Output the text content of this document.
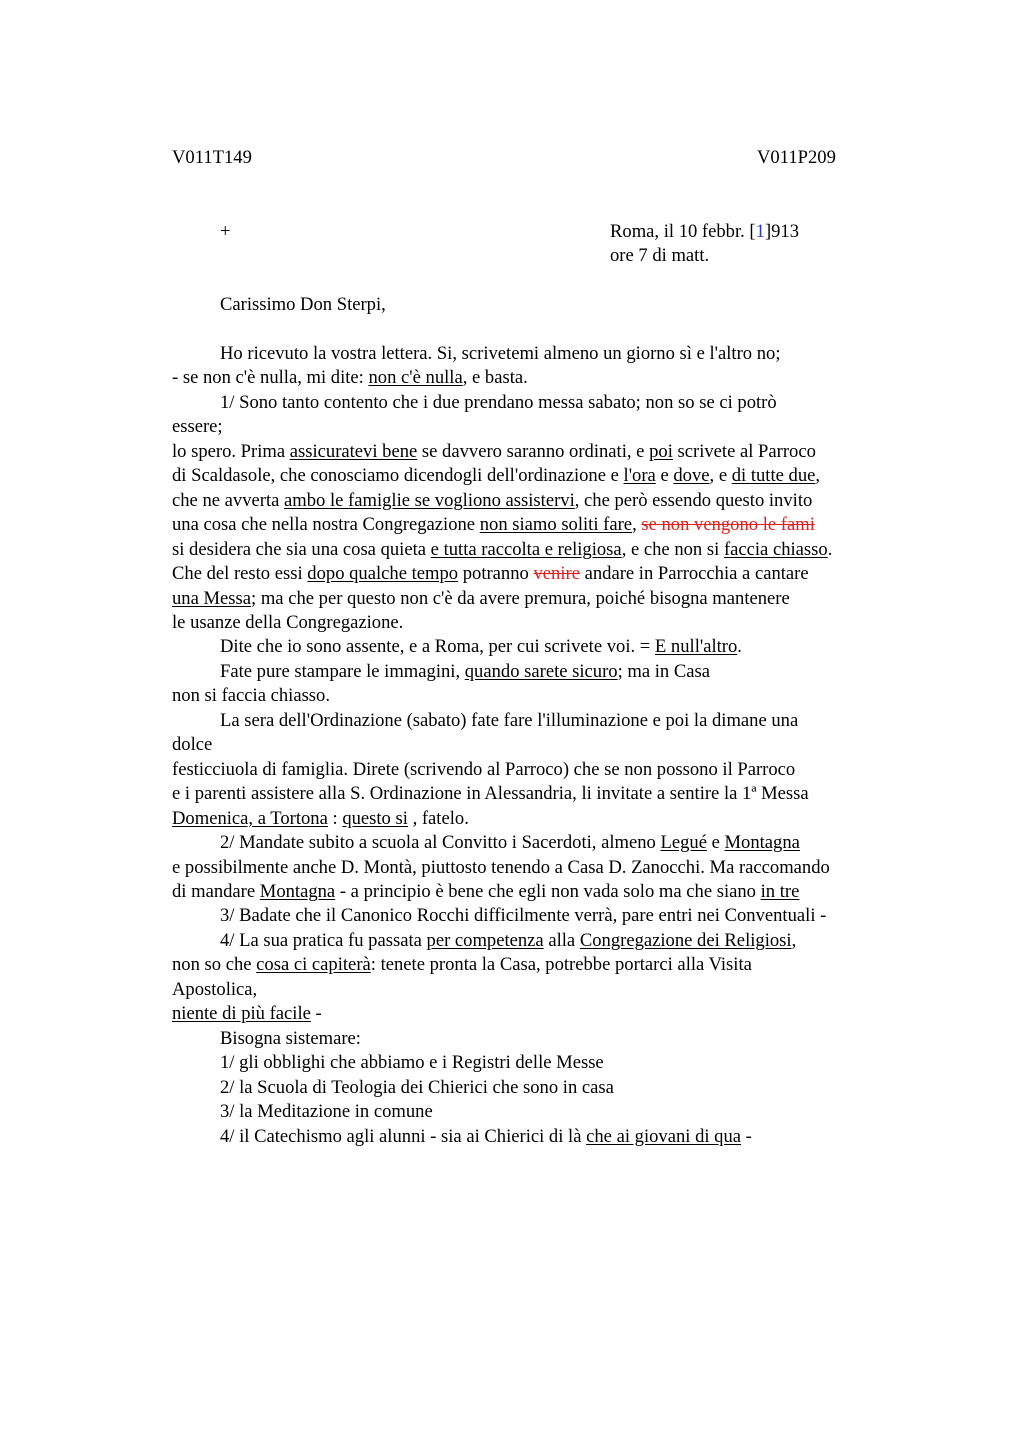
V011T149	V011P209
+	Roma, il 10 febbr. [1]913
ore 7 di matt.
Carissimo Don Sterpi,
Ho ricevuto la vostra lettera. Si, scrivetemi almeno un giorno sì e l'altro no;
- se non c'è nulla, mi dite: non c'è nulla, e basta.
1/ Sono tanto contento che i due prendano messa sabato; non so se ci potrò
essere;
lo spero. Prima assicuratevi bene se davvero saranno ordinati, e poi scrivete al Parroco
di Scaldasole, che conosciamo dicendogli dell'ordinazione e l'ora e dove, e di tutte due,
che ne avverta ambo le famiglie se vogliono assistervi, che però essendo questo invito
una cosa che nella nostra Congregazione non siamo soliti fare, se non vengono le fami
si desidera che sia una cosa quieta e tutta raccolta e religiosa, e che non si faccia chiasso.
Che del resto essi dopo qualche tempo potranno venire andare in Parrocchia a cantare
una Messa; ma che per questo non c'è da avere premura, poiché bisogna mantenere
le usanze della Congregazione.
Dite che io sono assente, e a Roma, per cui scrivete voi. = E null'altro.
Fate pure stampare le immagini, quando sarete sicuro; ma in Casa
non si faccia chiasso.
La sera dell'Ordinazione (sabato) fate fare l'illuminazione e poi la dimane una
dolce
festicciuola di famiglia. Direte (scrivendo al Parroco) che se non possono il Parroco
e i parenti assistere alla S. Ordinazione in Alessandria, li invitate a sentire la 1ª Messa
Domenica, a Tortona : questo si , fatelo.
2/ Mandate subito a scuola al Convitto i Sacerdoti, almeno Legué e Montagna
e possibilmente anche D. Montà, piuttosto tenendo a Casa D. Zanocchi. Ma raccomando
di mandare Montagna - a principio è bene che egli non vada solo ma che siano in tre
3/ Badate che il Canonico Rocchi difficilmente verrà, pare entri nei Conventuali -
4/ La sua pratica fu passata per competenza alla Congregazione dei Religiosi,
non so che cosa ci capiterà: tenete pronta la Casa, potrebbe portarci alla Visita
Apostolica,
niente di più facile -
Bisogna sistemare:
1/ gli obblighi che abbiamo e i Registri delle Messe
2/ la Scuola di Teologia dei Chierici che sono in casa
3/ la Meditazione in comune
4/ il Catechismo agli alunni - sia ai Chierici di là che ai giovani di qua -
